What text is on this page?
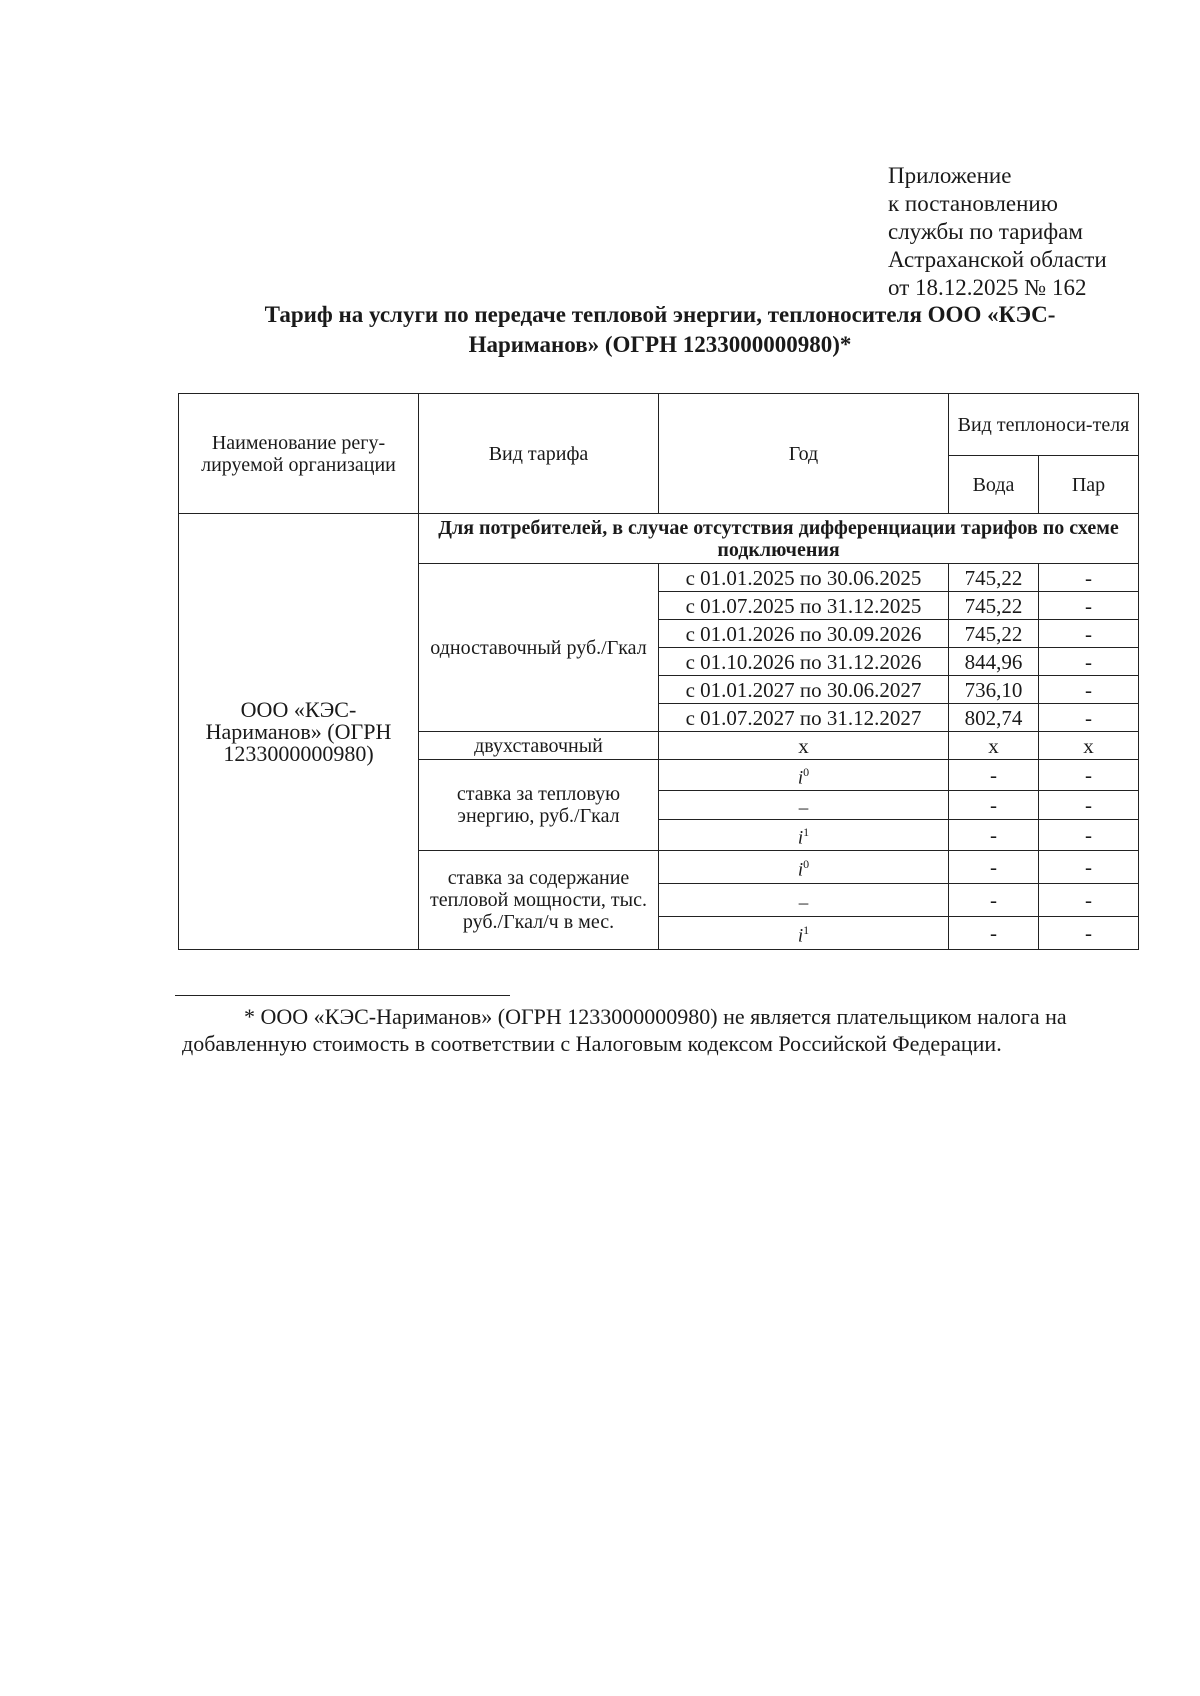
Приложение
к постановлению
службы по тарифам
Астраханской области
от 18.12.2025 № 162
Тариф на услуги по передаче тепловой энергии, теплоносителя ООО «КЭС-Нариманов» (ОГРН 1233000000980)*
Наименование регу-лируемой организации	Вид тарифа	Год	Вид теплоноси-теля	
			Вода	Пар
ООО «КЭС-Нариманов» (ОГРН 1233000000980)	Для потребителей, в случае отсутствия дифференциации тарифов по схеме подключения			
	одноставочный руб./Гкал	с 01.01.2025 по 30.06.2025	745,22	-
		с 01.07.2025 по 31.12.2025	745,22	-
		с 01.01.2026 по 30.09.2026	745,22	-
		с 01.10.2026 по 31.12.2026	844,96	-
		с 01.01.2027 по 30.06.2027	736,10	-
		с 01.07.2027 по 31.12.2027	802,74	-
	двухставочный	х	х	х
	ставка за тепловую энергию, руб./Гкал	$i^0$	-	-
		–	-	-
		$i^1$	-	-
	ставка за содержание тепловой мощности, тыс. руб./Гкал/ч в мес.	$i^0$	-	-
		–	-	-
		$i^1$	-	-
* ООО «КЭС-Нариманов» (ОГРН 1233000000980) не является плательщиком налога на добавленную стоимость в соответствии с Налоговым кодексом Российской Федерации.
